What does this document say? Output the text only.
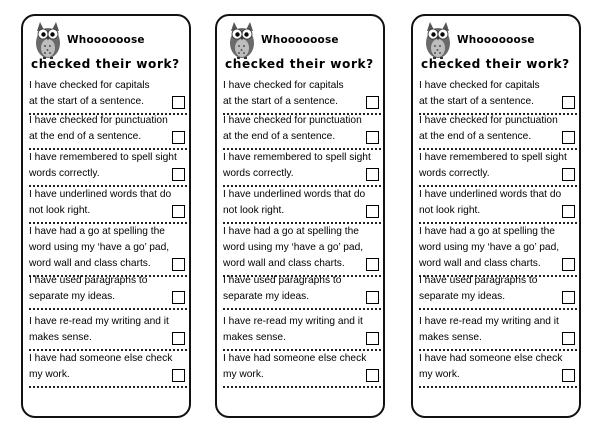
Whoooooose
checked their work?
I have checked for capitals
at the start of a sentence.
I have checked for punctuation
at the end of a sentence.
I have remembered to spell sight
words correctly.
I have underlined words that do
not look right.
I have had a go at spelling the
word using my ‘have a go’ pad,
word wall and class charts.
I have used paragraphs to
separate my ideas.
I have re-read my writing and it
makes sense.
I have had someone else check
my work.
Whoooooose
checked their work?
I have checked for capitals
at the start of a sentence.
I have checked for punctuation
at the end of a sentence.
I have remembered to spell sight
words correctly.
I have underlined words that do
not look right.
I have had a go at spelling the
word using my ‘have a go’ pad,
word wall and class charts.
I have used paragraphs to
separate my ideas.
I have re-read my writing and it
makes sense.
I have had someone else check
my work.
Whoooooose
checked their work?
I have checked for capitals
at the start of a sentence.
I have checked for punctuation
at the end of a sentence.
I have remembered to spell sight
words correctly.
I have underlined words that do
not look right.
I have had a go at spelling the
word using my ‘have a go’ pad,
word wall and class charts.
I have used paragraphs to
separate my ideas.
I have re-read my writing and it
makes sense.
I have had someone else check
my work.
